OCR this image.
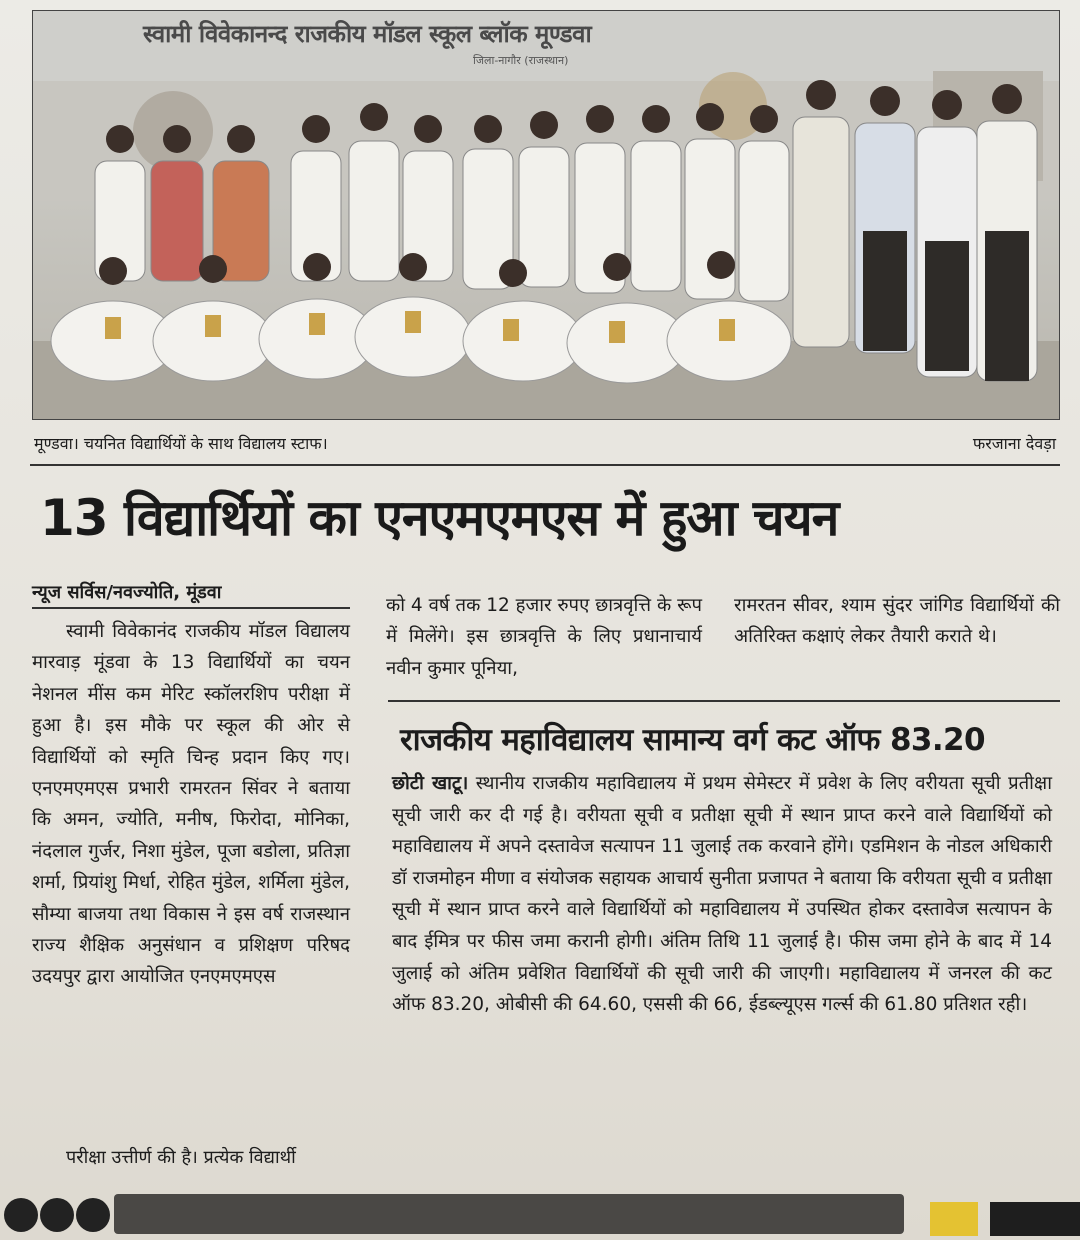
स्वामी विवेकानन्द राजकीय मॉडल स्कूल ब्लॉक मूण्डवा
जिला-नागौर (राजस्थान)
मूण्डवा। चयनित विद्यार्थियों के साथ विद्यालय स्टाफ।	फरजाना देवड़ा
13 विद्यार्थियों का एनएमएमएस में हुआ चयन
न्यूज सर्विस/नवज्योति, मूंडवा
स्वामी विवेकानंद राजकीय मॉडल विद्यालय मारवाड़ मूंडवा के 13 विद्यार्थियों का चयन नेशनल मींस कम मेरिट स्कॉलरशिप परीक्षा में हुआ है। इस मौके पर स्कूल की ओर से विद्यार्थियों को स्मृति चिन्ह प्रदान किए गए। एनएमएमएस प्रभारी रामरतन सिंवर ने बताया कि अमन, ज्योति, मनीष, फिरोदा, मोनिका, नंदलाल गुर्जर, निशा मुंडेल, पूजा बडोला, प्रतिज्ञा शर्मा, प्रियांशु मिर्धा, रोहित मुंडेल, शर्मिला मुंडेल, सौम्या बाजया तथा विकास ने इस वर्ष राजस्थान राज्य शैक्षिक अनुसंधान व प्रशिक्षण परिषद उदयपुर द्वारा आयोजित एनएमएमएस
परीक्षा उत्तीर्ण की है। प्रत्येक विद्यार्थी
को 4 वर्ष तक 12 हजार रुपए छात्रवृत्ति के रूप में मिलेंगे। इस छात्रवृत्ति के लिए प्रधानाचार्य नवीन कुमार पूनिया,
रामरतन सीवर, श्याम सुंदर जांगिड विद्यार्थियों की अतिरिक्त कक्षाएं लेकर तैयारी कराते थे।
राजकीय महाविद्यालय सामान्य वर्ग कट ऑफ 83.20
छोटी खाटू। स्थानीय राजकीय महाविद्यालय में प्रथम सेमेस्टर में प्रवेश के लिए वरीयता सूची प्रतीक्षा सूची जारी कर दी गई है। वरीयता सूची व प्रतीक्षा सूची में स्थान प्राप्त करने वाले विद्यार्थियों को महाविद्यालय में अपने दस्तावेज सत्यापन 11 जुलाई तक करवाने होंगे। एडमिशन के नोडल अधिकारी डॉ राजमोहन मीणा व संयोजक सहायक आचार्य सुनीता प्रजापत ने बताया कि वरीयता सूची व प्रतीक्षा सूची में स्थान प्राप्त करने वाले विद्यार्थियों को महाविद्यालय में उपस्थित होकर दस्तावेज सत्यापन के बाद ईमित्र पर फीस जमा करानी होगी। अंतिम तिथि 11 जुलाई है। फीस जमा होने के बाद में 14 जुलाई को अंतिम प्रवेशित विद्यार्थियों की सूची जारी की जाएगी। महाविद्यालय में जनरल की कट ऑफ 83.20, ओबीसी की 64.60, एससी की 66, ईडब्ल्यूएस गर्ल्स की 61.80 प्रतिशत रही।
